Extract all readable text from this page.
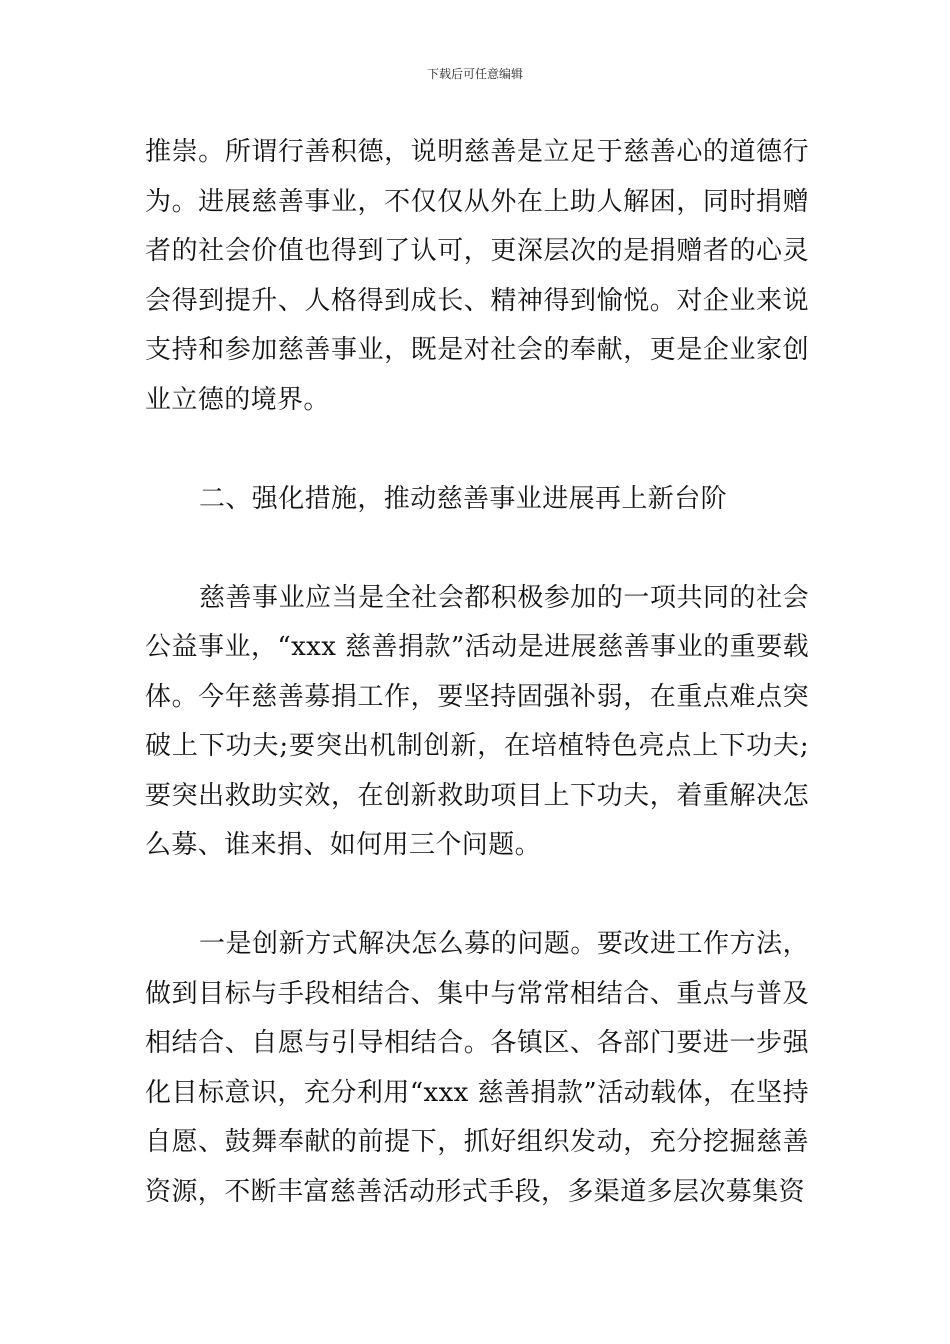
下载后可任意编辑

推崇。所谓行善积德，说明慈善是立足于慈善心的道德行为。进展慈善事业，不仅仅从外在上助人解困，同时捐赠者的社会价值也得到了认可，更深层次的是捐赠者的心灵会得到提升、人格得到成长、精神得到愉悦。对企业来说支持和参加慈善事业，既是对社会的奉献，更是企业家创业立德的境界。

二、强化措施，推动慈善事业进展再上新台阶

慈善事业应当是全社会都积极参加的一项共同的社会公益事业，“xxx 慈善捐款”活动是进展慈善事业的重要载体。今年慈善募捐工作，要坚持固强补弱，在重点难点突破上下功夫;要突出机制创新，在培植特色亮点上下功夫;要突出救助实效，在创新救助项目上下功夫，着重解决怎么募、谁来捐、如何用三个问题。

一是创新方式解决怎么募的问题。要改进工作方法，做到目标与手段相结合、集中与常常相结合、重点与普及相结合、自愿与引导相结合。各镇区、各部门要进一步强化目标意识，充分利用“xxx 慈善捐款”活动载体，在坚持自愿、鼓舞奉献的前提下，抓好组织发动，充分挖掘慈善资源，不断丰富慈善活动形式手段，多渠道多层次募集资
